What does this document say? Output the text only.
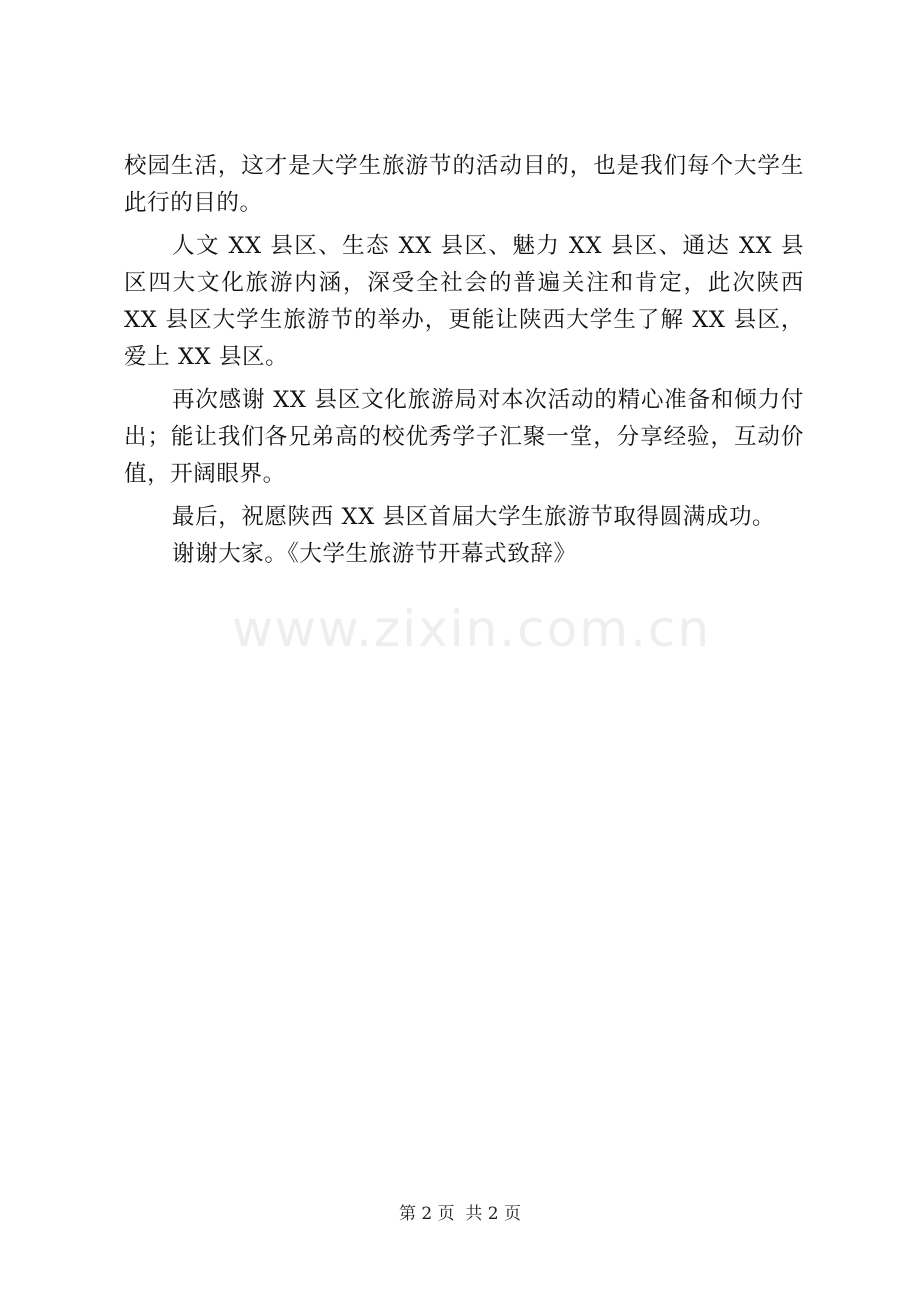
校园生活，这才是大学生旅游节的活动目的，也是我们每个大学生此行的目的。

人文 XX 县区、生态 XX 县区、魅力 XX 县区、通达 XX 县区四大文化旅游内涵，深受全社会的普遍关注和肯定，此次陕西 XX 县区大学生旅游节的举办，更能让陕西大学生了解 XX 县区，爱上 XX 县区。

再次感谢 XX 县区文化旅游局对本次活动的精心准备和倾力付出；能让我们各兄弟高的校优秀学子汇聚一堂，分享经验，互动价值，开阔眼界。

最后，祝愿陕西 XX 县区首届大学生旅游节取得圆满成功。

谢谢大家。《大学生旅游节开幕式致辞》

www.zixin.com.cn
第 2 页  共 2 页
